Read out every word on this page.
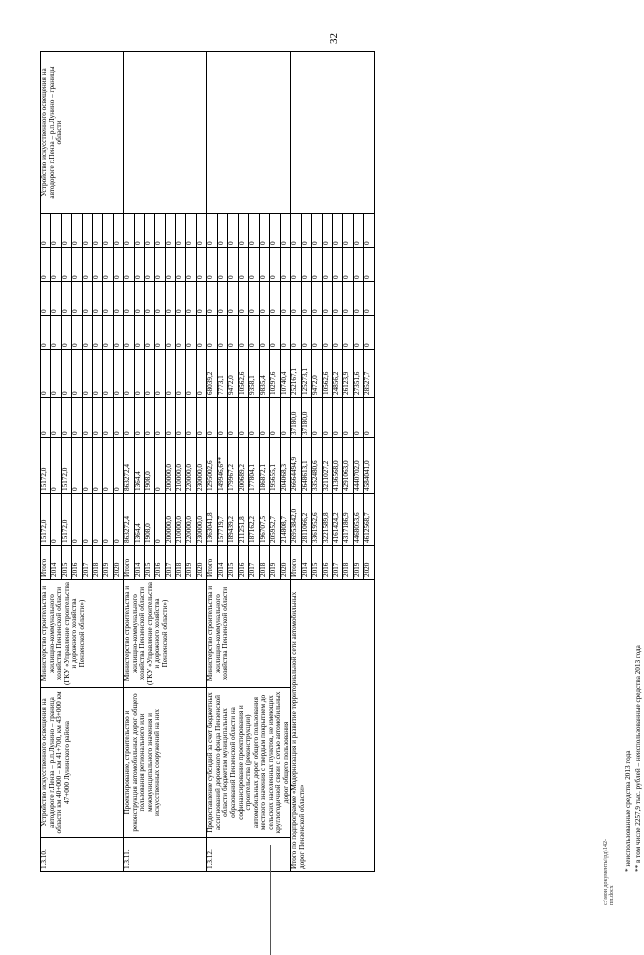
32
1.3.10.	Устройство искусственного освещения на автодороге г.Пенза – р.п.Лунино – граница области км 40+000 – км 41+700, км 43+000 км 47+000 Лунинского района	Министерство строительства и жилищно-коммунального хозяйства Пензенской области (ГКУ «Управление строительства и дорожного хозяйства Пензенской области»)	Итого	15172,0	15172,0	0	0	0	0	0	0	Устройство искусственного освещения на автодороге г.Пенза – р.п.Лунино – границы области
			2014	0	0	0	0	0	0	0	0	
			2015	15172,0	15172,0	0	0	0	0	0	0	
			2016	0	0	0	0	0	0	0	0	
			2017	0	0	0	0	0	0	0	0	
			2018	0	0	0	0	0	0	0	0	
			2019	0	0	0	0	0	0	0	0	
			2020	0	0	0	0	0	0	0	0	
1.3.11.	Проектирование, строительство и реконструкция автомобильных дорог общего пользования регионального или межмуниципального значения и искусственных сооружений на них	Министерство строительства и жилищно-коммунального хозяйства Пензенской области (ГКУ «Управление строительства и дорожного хозяйства Пензенской области»)	Итого	863272,4	863272,4	0	0	0	0	0	0	
			2014	1364,4	1364,4	0	0	0	0	0	0	
			2015	1908,0	1908,0	0	0	0	0	0	0	
			2016	0	0	0	0	0	0	0	0	
			2017	200000,0	200000,0	0	0	0	0	0	0	
			2018	210000,0	210000,0	0	0	0	0	0	0	
			2019	220000,0	220000,0	0	0	0	0	0	0	
			2020	230000,0	230000,0	0	0	0	0	0	0	
1.3.12.	Предоставление субсидий за счет бюджетных ассигнований дорожного фонда Пензенской области бюджетам муниципальных образований Пензенской области на софинансирование проектирования и строительства (реконструкции) автомобильных дорог общего пользования местного значения с твердым покрытием до сельских населенных пунктов, не имеющих круглогодичной связи с сетью автомобильных дорог общего пользования	Министерство строительства и жилищно-коммунального хозяйства Пензенской области	Итого	1363041,8	1295002,6	0	68039,2	0	0	0	0	
			2014	157719,7	149946,6**	0	7773,1	0	0	0	0	
			2015	189439,2	179967,2	0	9472,0	0	0	0	0	
			2016	211251,8	200689,2	0	10562,6	0	0	0	0	
			2017	187162,2	177804,1	0	9358,1	0	0	0	0	
			2018	196707,5	186872,1	0	9835,4	0	0	0	0	
			2019	205952,7	195655,1	0	10297,6	0	0	0	0	
			2020	214808,7	204068,3	0	10740,4	0	0	0	0	
Итого по подпрограмме «Модернизация и развитие территориальной сети автомобильных дорог Пензенской области»			Итого	26953842,0	26664494,9	37180,0	252167,1	0	0	0	0	
			2014	2811066,2	2648613,1	37180,0	125273,1	0	0	0	0	
			2015	3361952,6	3352480,6	0	9472,0	0	0	0	0	
			2016	3221589,8	3211027,2	0	10562,6	0	0	0	0	
			2017	4161424,2	4136568,0	0	24856,2	0	0	0	0	
			2018	4317186,9	4291063,0	0	26123,9	0	0	0	0	
			2019	4468053,6	4440702,0	0	27351,6	0	0	0	0	
			2020	4612568,7	4584041,0	0	28527,7	0	0	0	0	
* неиспользованные средства 2013 года ** в том числе 2257,9 тыс. рублей – неиспользованные средства 2013 года
c:\мои документы\рд\142-пп.docx
